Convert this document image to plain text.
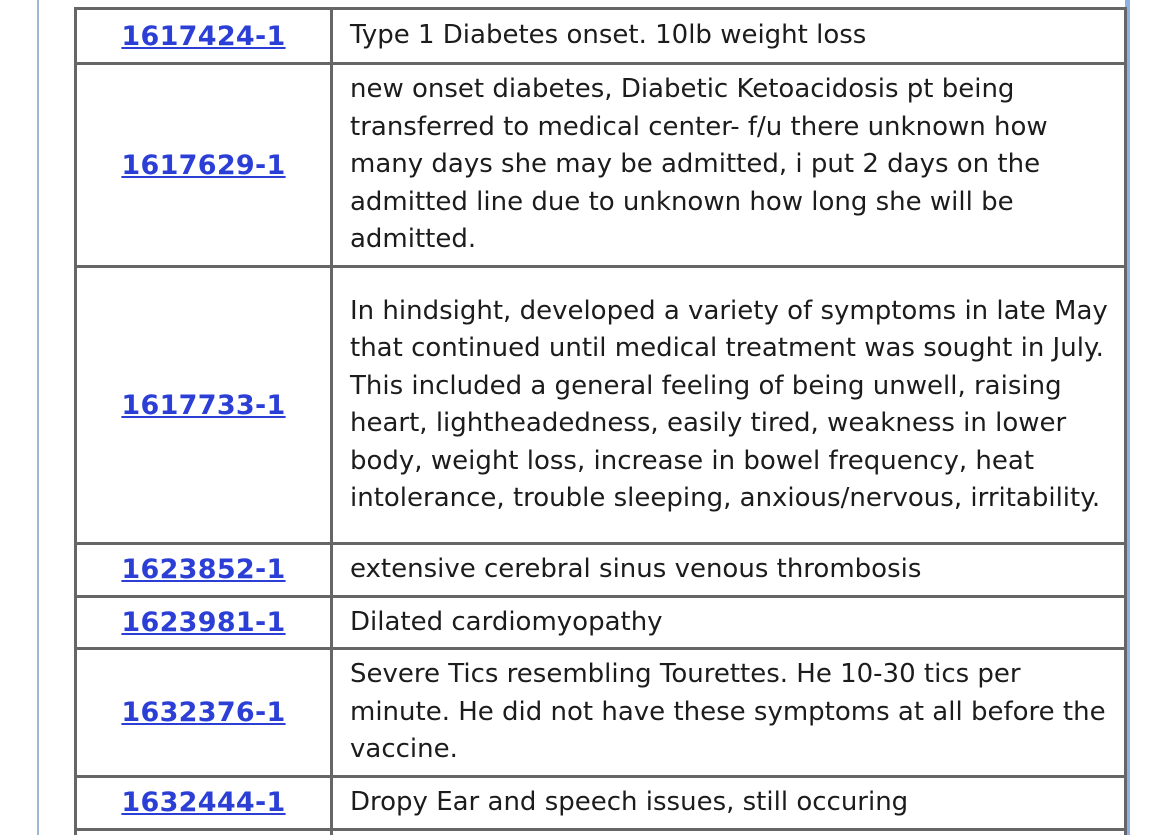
1617424-1	Type 1 Diabetes onset. 10lb weight loss
1617629-1	new onset diabetes, Diabetic Ketoacidosis pt being transferred to medical center- f/u there unknown how many days she may be admitted, i put 2 days on the admitted line due to unknown how long she will be admitted.
1617733-1	In hindsight, developed a variety of symptoms in late May that continued until medical treatment was sought in July. This included a general feeling of being unwell, raising heart, lightheadedness, easily tired, weakness in lower body, weight loss, increase in bowel frequency, heat intolerance, trouble sleeping, anxious/nervous, irritability.
1623852-1	extensive cerebral sinus venous thrombosis
1623981-1	Dilated cardiomyopathy
1632376-1	Severe Tics resembling Tourettes. He 10-30 tics per minute. He did not have these symptoms at all before the vaccine.
1632444-1	Dropy Ear and speech issues, still occuring
